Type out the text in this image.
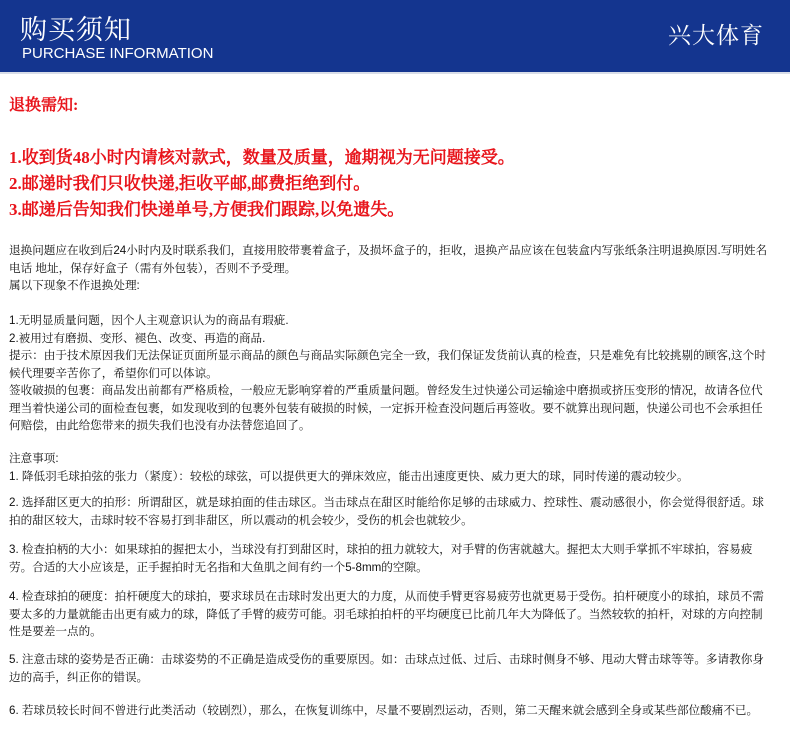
购买须知
PURCHASE INFORMATION
兴大体育
退换需知:
1.收到货48小时内请核对款式，数量及质量，逾期视为无问题接受。
2.邮递时我们只收快递,拒收平邮,邮费拒绝到付。
3.邮递后告知我们快递单号,方便我们跟踪,以免遗失。

退换问题应在收到后24小时内及时联系我们，直接用胶带裹着盒子，及损坏盒子的，拒收，退换产品应该在包装盒内写张纸条注明退换原因.写明姓名电话 地址，保存好盒子（需有外包装），否则不予受理。

属以下现象不作退换处理:

1.无明显质量问题，因个人主观意识认为的商品有瑕疵.

2.被用过有磨损、变形、褪色、改变、再造的商品.

提示：由于技术原因我们无法保证页面所显示商品的颜色与商品实际颜色完全一致，我们保证发货前认真的检查，只是难免有比较挑剔的顾客,这个时候代理要辛苦你了，希望你们可以体谅。

签收破损的包裹：商品发出前都有严格质检，一般应无影响穿着的严重质量问题。曾经发生过快递公司运输途中磨损或挤压变形的情况，故请各位代理当着快递公司的面检查包裹，如发现收到的包裹外包装有破损的时候，一定拆开检查没问题后再签收。要不就算出现问题，快递公司也不会承担任何赔偿，由此给您带来的损失我们也没有办法替您追回了。

注意事项:

1. 降低羽毛球拍弦的张力（紧度）：较松的球弦，可以提供更大的弹床效应，能击出速度更快、威力更大的球，同时传递的震动较少。

2. 选择甜区更大的拍形：所谓甜区，就是球拍面的佳击球区。当击球点在甜区时能给你足够的击球威力、控球性、震动感很小，你会觉得很舒适。球拍的甜区较大，击球时较不容易打到非甜区，所以震动的机会较少，受伤的机会也就较少。
3. 检查拍柄的大小：如果球拍的握把太小，当球没有打到甜区时，球拍的扭力就较大，对手臂的伤害就越大。握把太大则手掌抓不牢球拍，容易疲劳。合适的大小应该是，正手握拍时无名指和大鱼肌之间有约一个5-8mm的空隙。
4. 检查球拍的硬度：拍杆硬度大的球拍，要求球员在击球时发出更大的力度，从而使手臂更容易疲劳也就更易于受伤。拍杆硬度小的球拍，球员不需要太多的力量就能击出更有威力的球，降低了手臂的疲劳可能。羽毛球拍拍杆的平均硬度已比前几年大为降低了。当然较软的拍杆，对球的方向控制性是要差一点的。
5. 注意击球的姿势是否正确：击球姿势的不正确是造成受伤的重要原因。如：击球点过低、过后、击球时侧身不够、甩动大臂击球等等。多请教你身边的高手，纠正你的错误。
6. 若球员较长时间不曾进行此类活动（较剧烈），那么，在恢复训练中，尽量不要剧烈运动，否则，第二天醒来就会感到全身或某些部位酸痛不已。
